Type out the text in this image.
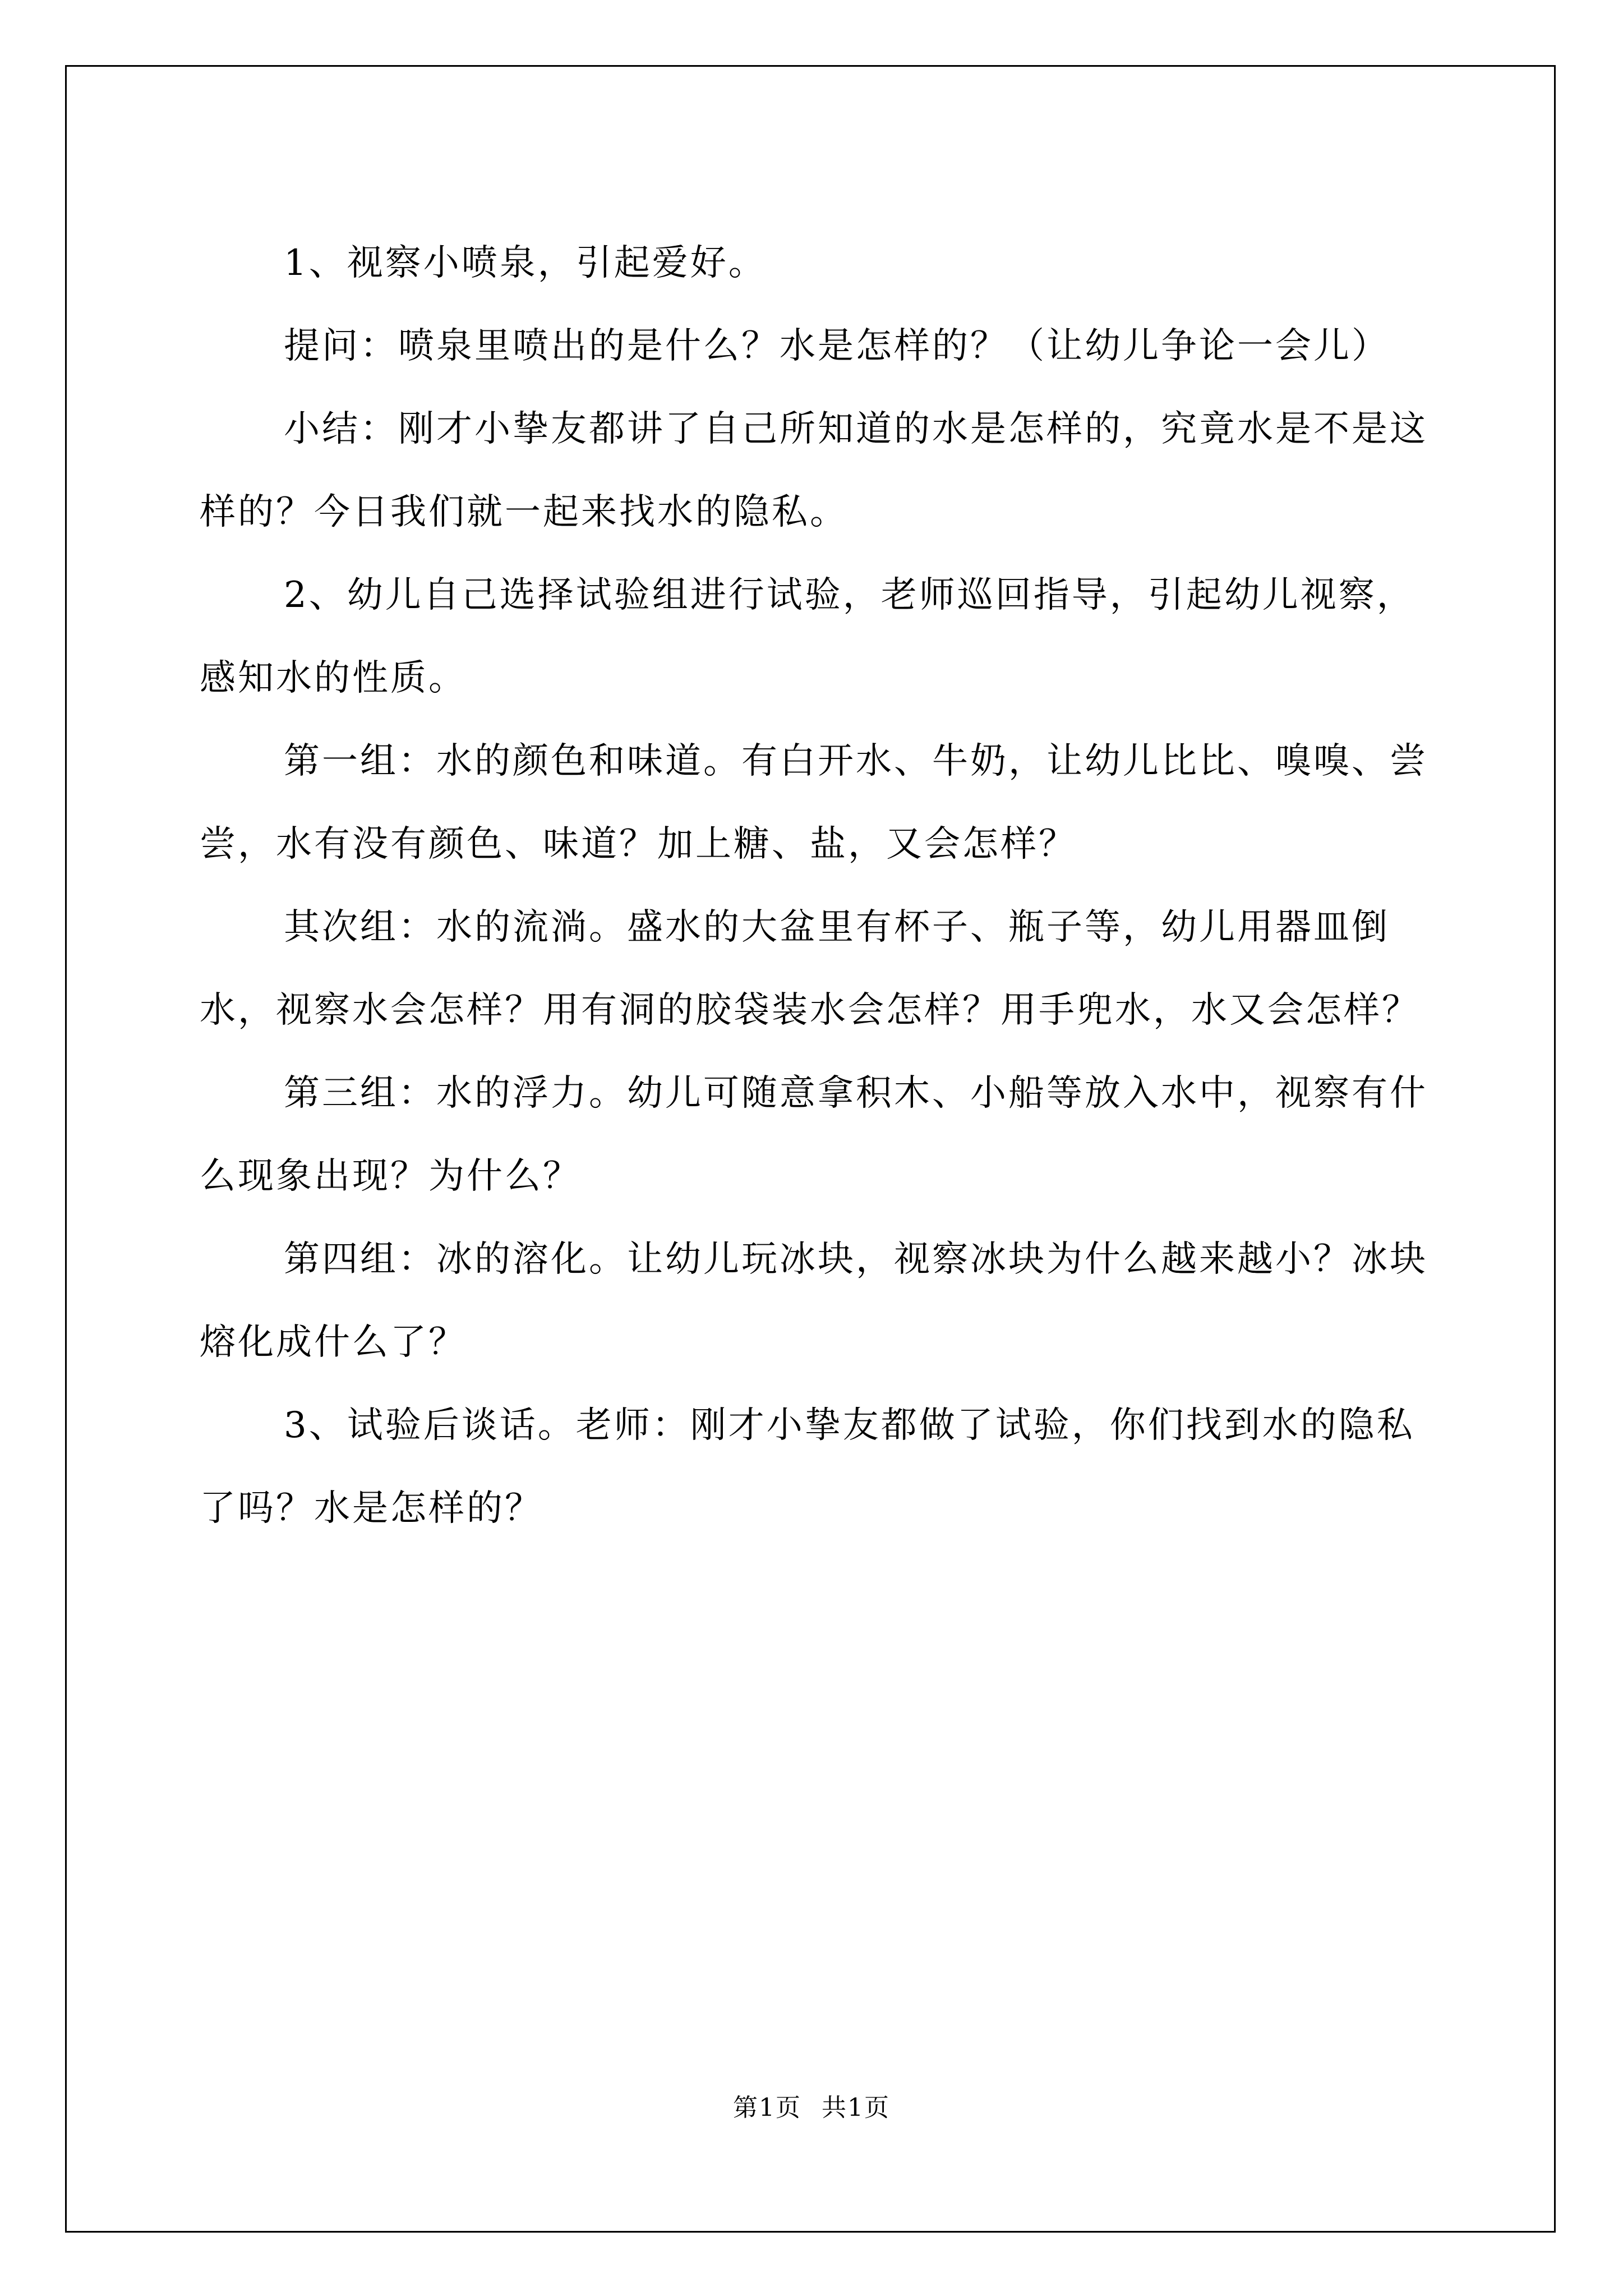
1、视察小喷泉，引起爱好。

提问：喷泉里喷出的是什么？水是怎样的？（让幼儿争论一会儿）

小结：刚才小挚友都讲了自己所知道的水是怎样的，究竟水是不是这样的？今日我们就一起来找水的隐私。

2、幼儿自己选择试验组进行试验，老师巡回指导，引起幼儿视察，感知水的性质。

第一组：水的颜色和味道。有白开水、牛奶，让幼儿比比、嗅嗅、尝尝，水有没有颜色、味道？加上糖、盐，又会怎样？

其次组：水的流淌。盛水的大盆里有杯子、瓶子等，幼儿用器皿倒水，视察水会怎样？用有洞的胶袋装水会怎样？用手兜水，水又会怎样？

第三组：水的浮力。幼儿可随意拿积木、小船等放入水中，视察有什么现象出现？为什么？

第四组：冰的溶化。让幼儿玩冰块，视察冰块为什么越来越小？冰块熔化成什么了？

3、试验后谈话。老师：刚才小挚友都做了试验，你们找到水的隐私了吗？水是怎样的？

第1页 共1页
